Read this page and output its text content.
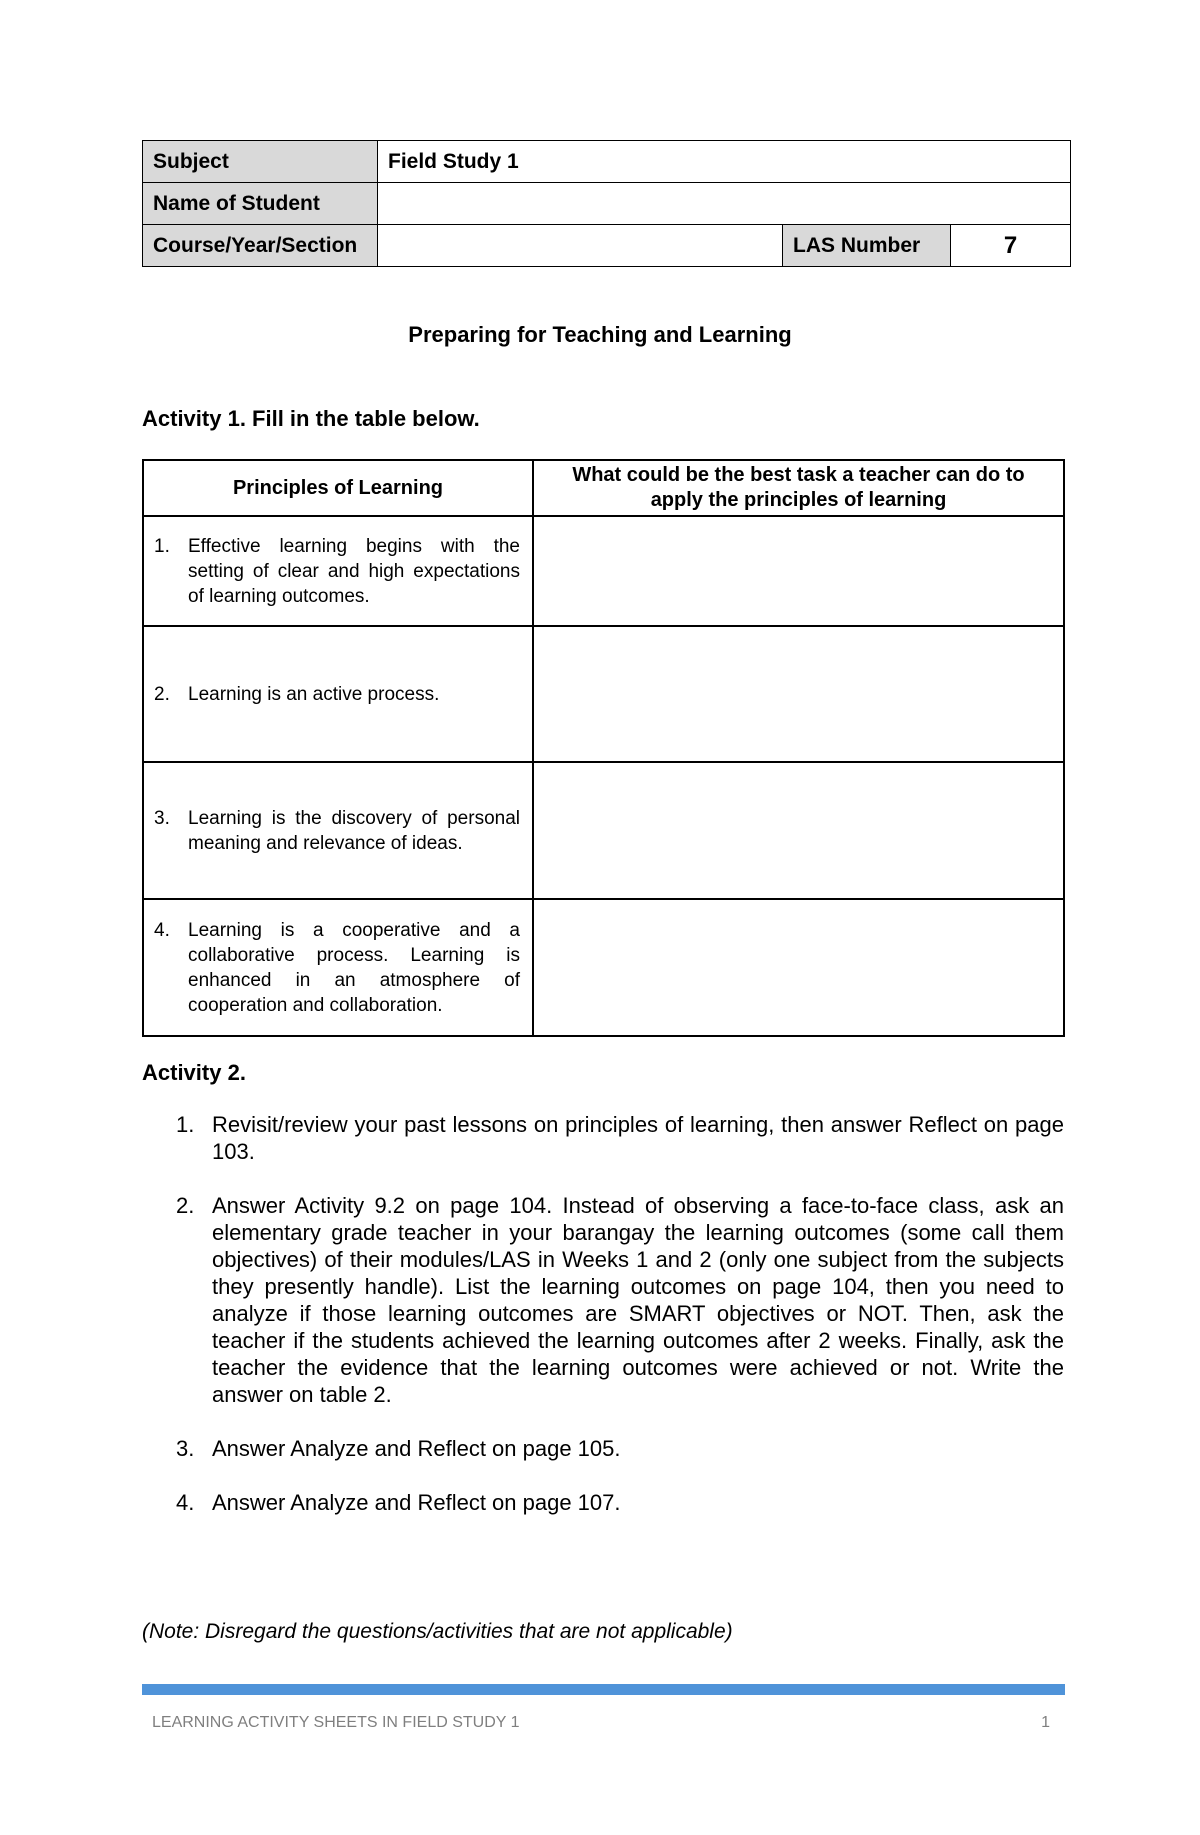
Subject	Field Study 1		
Name of Student			
Course/Year/Section		LAS Number	7
Preparing for Teaching and Learning
Activity 1. Fill in the table below.
Principles of Learning	What could be the best task a teacher can do to apply the principles of learning

1. Effective learning begins with the setting of clear and high expectations of learning outcomes.	

2. Learning is an active process.	

3. Learning is the discovery of personal meaning and relevance of ideas.	

4. Learning is a cooperative and a collaborative process. Learning is enhanced in an atmosphere of cooperation and collaboration.	

Activity 2.
1. Revisit/review your past lessons on principles of learning, then answer Reflect on page 103.
2. Answer Activity 9.2 on page 104. Instead of observing a face-to-face class, ask an elementary grade teacher in your barangay the learning outcomes (some call them objectives) of their modules/LAS in Weeks 1 and 2 (only one subject from the subjects they presently handle). List the learning outcomes on page 104, then you need to analyze if those learning outcomes are SMART objectives or NOT. Then, ask the teacher if the students achieved the learning outcomes after 2 weeks. Finally, ask the teacher the evidence that the learning outcomes were achieved or not. Write the answer on table 2.
3. Answer Analyze and Reflect on page 105.
4. Answer Analyze and Reflect on page 107.
(Note: Disregard the questions/activities that are not applicable)
LEARNING ACTIVITY SHEETS IN FIELD STUDY 1	1
